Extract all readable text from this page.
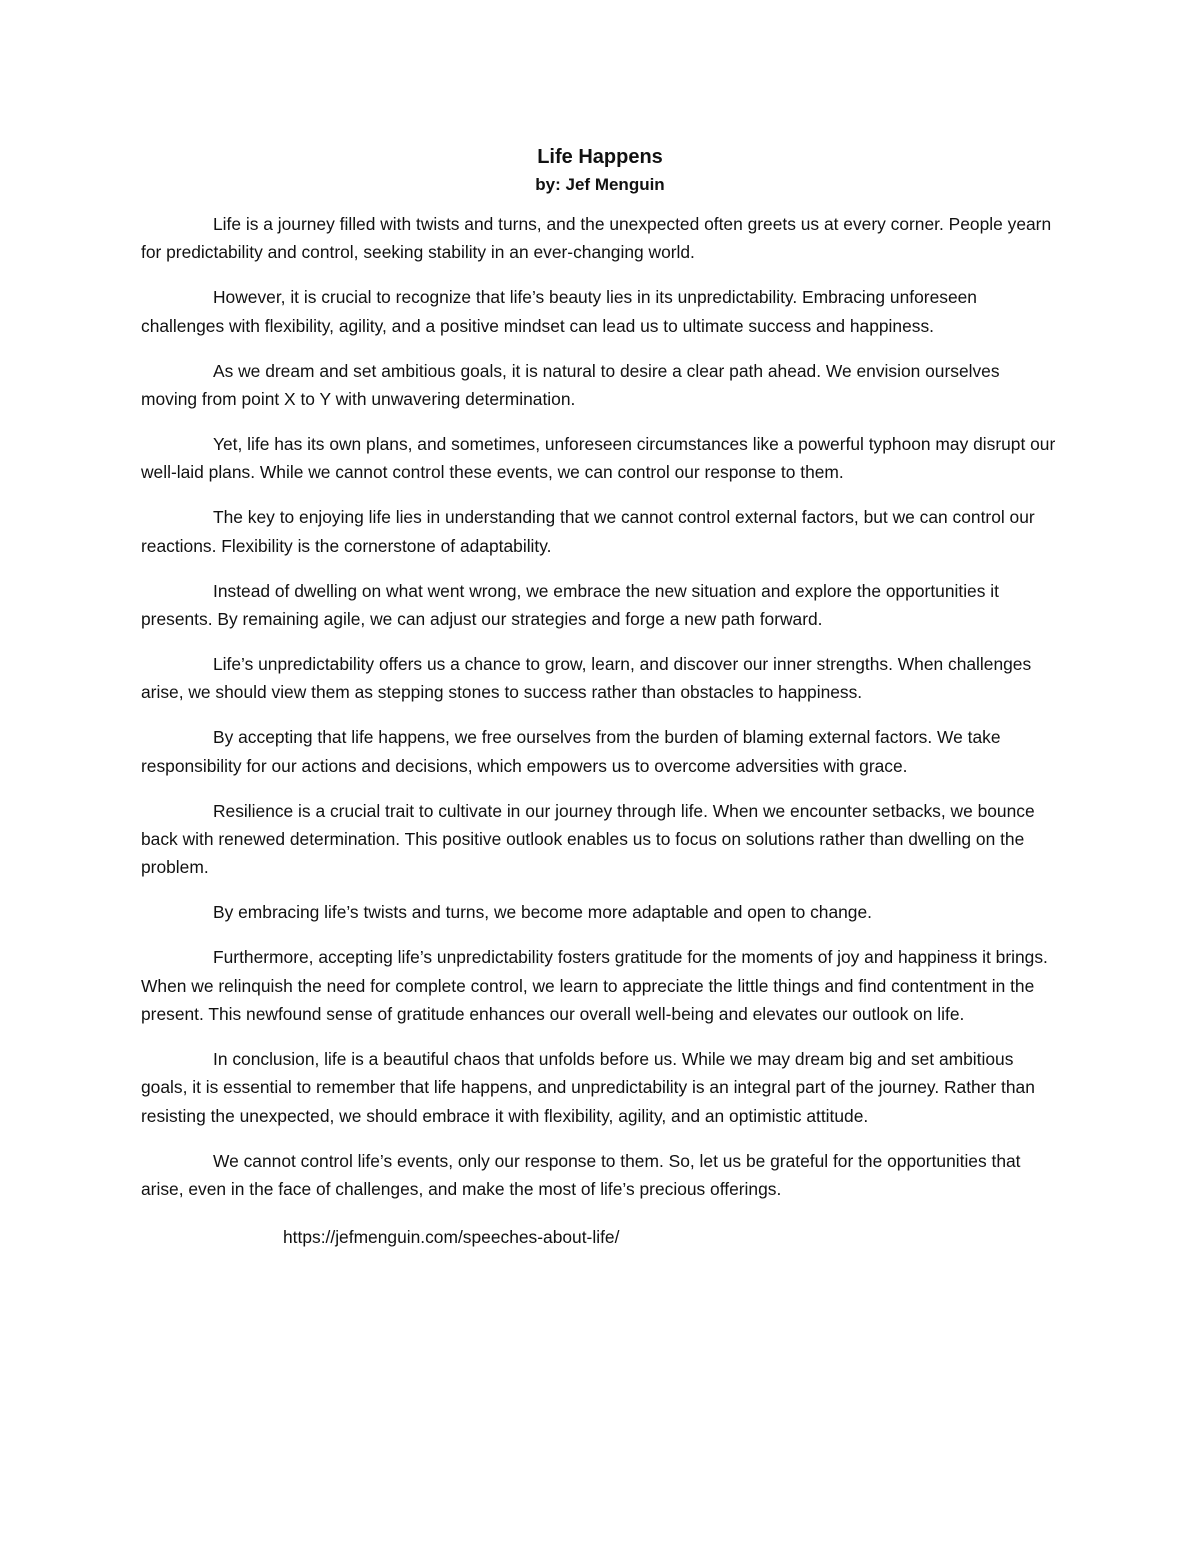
Life Happens

by: Jef Menguin

Life is a journey filled with twists and turns, and the unexpected often greets us at every corner. People yearn for predictability and control, seeking stability in an ever-changing world.

However, it is crucial to recognize that life’s beauty lies in its unpredictability. Embracing unforeseen challenges with flexibility, agility, and a positive mindset can lead us to ultimate success and happiness.

As we dream and set ambitious goals, it is natural to desire a clear path ahead. We envision ourselves moving from point X to Y with unwavering determination.

Yet, life has its own plans, and sometimes, unforeseen circumstances like a powerful typhoon may disrupt our well-laid plans. While we cannot control these events, we can control our response to them.

The key to enjoying life lies in understanding that we cannot control external factors, but we can control our reactions. Flexibility is the cornerstone of adaptability.

Instead of dwelling on what went wrong, we embrace the new situation and explore the opportunities it presents. By remaining agile, we can adjust our strategies and forge a new path forward.

Life’s unpredictability offers us a chance to grow, learn, and discover our inner strengths. When challenges arise, we should view them as stepping stones to success rather than obstacles to happiness.

By accepting that life happens, we free ourselves from the burden of blaming external factors. We take responsibility for our actions and decisions, which empowers us to overcome adversities with grace.

Resilience is a crucial trait to cultivate in our journey through life. When we encounter setbacks, we bounce back with renewed determination. This positive outlook enables us to focus on solutions rather than dwelling on the problem.

By embracing life’s twists and turns, we become more adaptable and open to change.

Furthermore, accepting life’s unpredictability fosters gratitude for the moments of joy and happiness it brings. When we relinquish the need for complete control, we learn to appreciate the little things and find contentment in the present. This newfound sense of gratitude enhances our overall well-being and elevates our outlook on life.

In conclusion, life is a beautiful chaos that unfolds before us. While we may dream big and set ambitious goals, it is essential to remember that life happens, and unpredictability is an integral part of the journey. Rather than resisting the unexpected, we should embrace it with flexibility, agility, and an optimistic attitude.

We cannot control life’s events, only our response to them. So, let us be grateful for the opportunities that arise, even in the face of challenges, and make the most of life’s precious offerings.

https://jefmenguin.com/speeches-about-life/
